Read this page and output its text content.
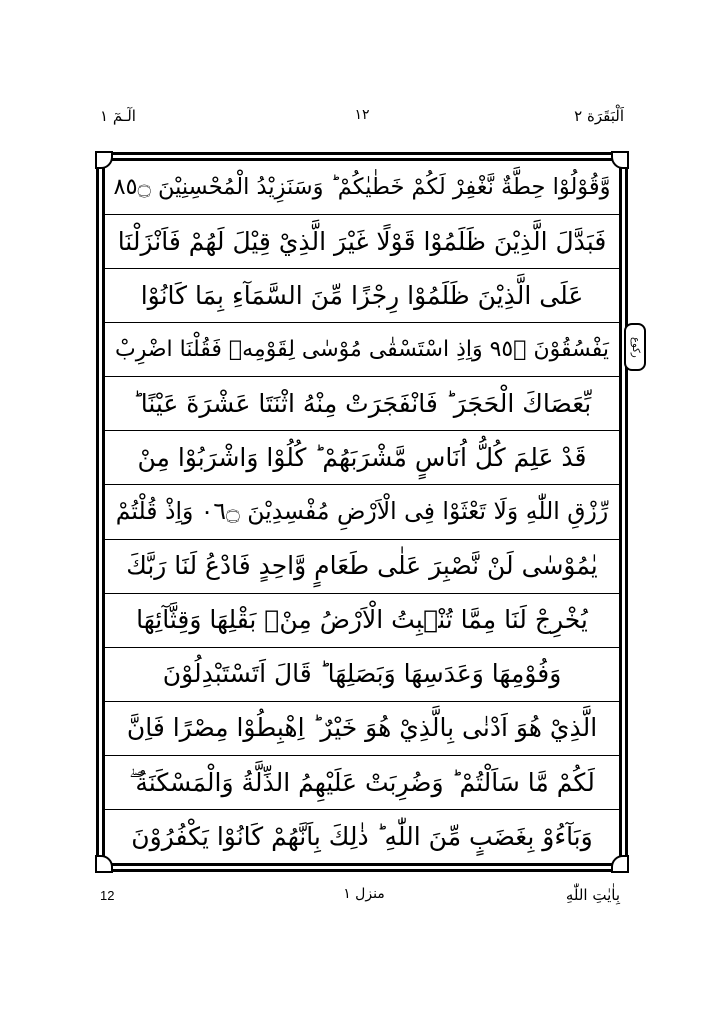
اَلْبَقَرَة ٢
١٢
الٓـمٓ ١
وَّقُوْلُوْا حِطَّةٌ نَّغْفِرْ لَكُمْ خَطٰيٰكُمْ ؕ وَسَنَزِيْدُ الْمُحْسِنِيْنَ ۝٥٨
فَبَدَّلَ الَّذِيْنَ ظَلَمُوْا قَوْلًا غَيْرَ الَّذِيْ قِيْلَ لَهُمْ فَاَنْزَلْنَا
عَلَى الَّذِيْنَ ظَلَمُوْا رِجْزًا مِّنَ السَّمَآءِ بِمَا كَانُوْا
يَفْسُقُوْنَ ۝٥٩ وَاِذِ اسْتَسْقٰى مُوْسٰى لِقَوْمِهٖ فَقُلْنَا اضْرِبْ
بِّعَصَاكَ الْحَجَرَ ؕ فَانْفَجَرَتْ مِنْهُ اثْنَتَا عَشْرَةَ عَيْنًا ؕ
قَدْ عَلِمَ كُلُّ اُنَاسٍ مَّشْرَبَهُمْ ؕ كُلُوْا وَاشْرَبُوْا مِنْ
رِّزْقِ اللّٰهِ وَلَا تَعْثَوْا فِى الْاَرْضِ مُفْسِدِيْنَ ۝٦٠ وَاِذْ قُلْتُمْ
يٰمُوْسٰى لَنْ نَّصْبِرَ عَلٰى طَعَامٍ وَّاحِدٍ فَادْعُ لَنَا رَبَّكَ
يُخْرِجْ لَنَا مِمَّا تُنْۢبِتُ الْاَرْضُ مِنْۢ بَقْلِهَا وَقِثَّآئِهَا
وَفُوْمِهَا وَعَدَسِهَا وَبَصَلِهَا ؕ قَالَ اَتَسْتَبْدِلُوْنَ
الَّذِيْ هُوَ اَدْنٰى بِالَّذِيْ هُوَ خَيْرٌ ؕ اِهْبِطُوْا مِصْرًا فَاِنَّ
لَكُمْ مَّا سَاَلْتُمْ ؕ وَضُرِبَتْ عَلَيْهِمُ الذِّلَّةُ وَالْمَسْكَنَةُ ۖ
وَبَآءُوْ بِغَضَبٍ مِّنَ اللّٰهِ ؕ ذٰلِكَ بِاَنَّهُمْ كَانُوْا يَكْفُرُوْنَ
رکوع
بِاٰيٰتِ اللّٰهِ
منزل ١
12
